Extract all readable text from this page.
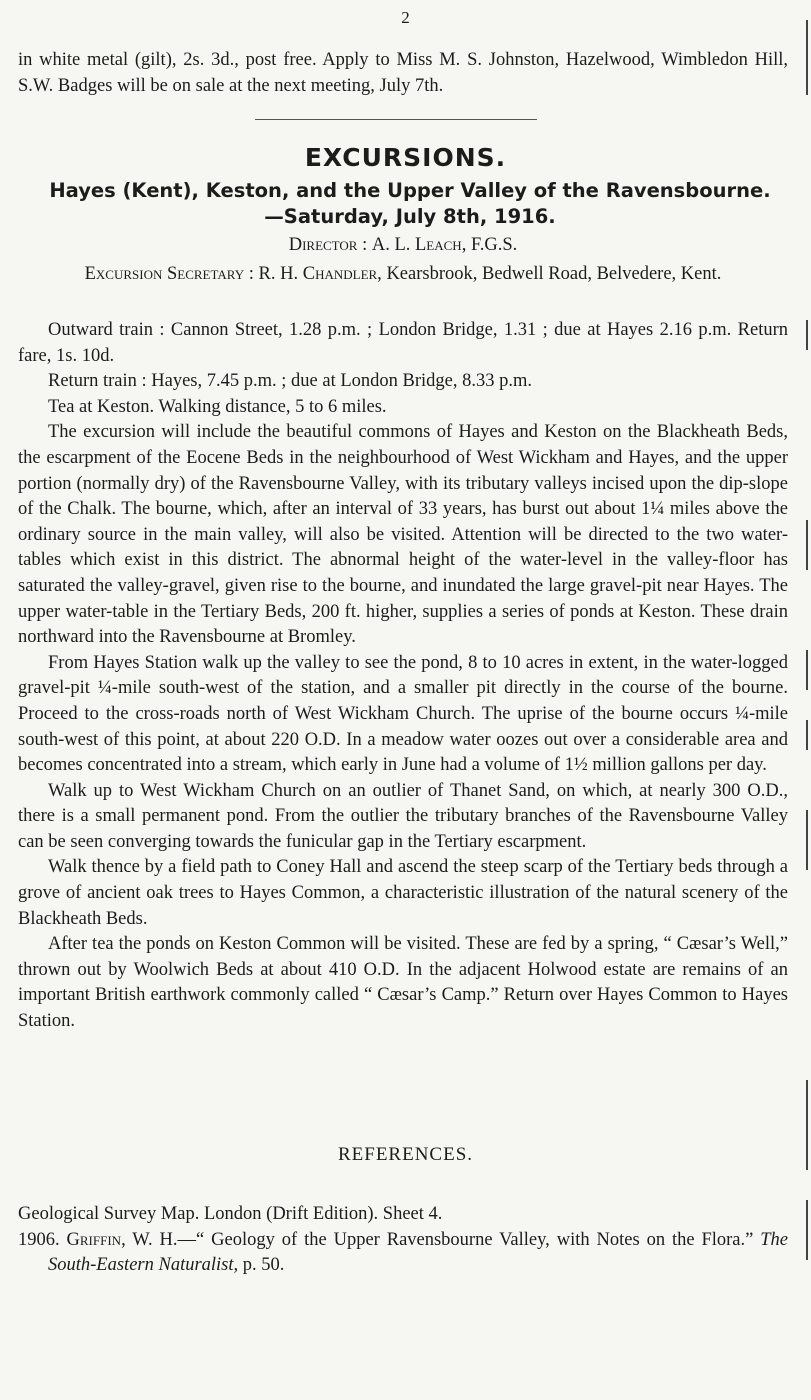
2

in white metal (gilt), 2s. 3d., post free. Apply to Miss M. S. Johnston, Hazelwood, Wimbledon Hill, S.W. Badges will be on sale at the next meeting, July 7th.

EXCURSIONS.
Hayes (Kent), Keston, and the Upper Valley of the Ravensbourne.—Saturday, July 8th, 1916.
Director : A. L. Leach, F.G.S.
Excursion Secretary : R. H. Chandler, Kearsbrook, Bedwell Road, Belvedere, Kent.

Outward train : Cannon Street, 1.28 p.m. ; London Bridge, 1.31 ; due at Hayes 2.16 p.m. Return fare, 1s. 10d.

Return train : Hayes, 7.45 p.m. ; due at London Bridge, 8.33 p.m.

Tea at Keston. Walking distance, 5 to 6 miles.

The excursion will include the beautiful commons of Hayes and Keston on the Blackheath Beds, the escarpment of the Eocene Beds in the neighbourhood of West Wickham and Hayes, and the upper portion (normally dry) of the Ravensbourne Valley, with its tributary valleys incised upon the dip-slope of the Chalk. The bourne, which, after an interval of 33 years, has burst out about 1¼ miles above the ordinary source in the main valley, will also be visited. Attention will be directed to the two water-tables which exist in this district. The abnormal height of the water-level in the valley-floor has saturated the valley-gravel, given rise to the bourne, and inundated the large gravel-pit near Hayes. The upper water-table in the Tertiary Beds, 200 ft. higher, supplies a series of ponds at Keston. These drain northward into the Ravensbourne at Bromley.

From Hayes Station walk up the valley to see the pond, 8 to 10 acres in extent, in the water-logged gravel-pit ¼-mile south-west of the station, and a smaller pit directly in the course of the bourne. Proceed to the cross-roads north of West Wickham Church. The uprise of the bourne occurs ¼-mile south-west of this point, at about 220 O.D. In a meadow water oozes out over a considerable area and becomes concentrated into a stream, which early in June had a volume of 1½ million gallons per day.

Walk up to West Wickham Church on an outlier of Thanet Sand, on which, at nearly 300 O.D., there is a small permanent pond. From the outlier the tributary branches of the Ravensbourne Valley can be seen converging towards the funicular gap in the Tertiary escarpment.

Walk thence by a field path to Coney Hall and ascend the steep scarp of the Tertiary beds through a grove of ancient oak trees to Hayes Common, a characteristic illustration of the natural scenery of the Blackheath Beds.

After tea the ponds on Keston Common will be visited. These are fed by a spring, “ Cæsar’s Well,” thrown out by Woolwich Beds at about 410 O.D. In the adjacent Holwood estate are remains of an important British earthwork commonly called “ Cæsar’s Camp.” Return over Hayes Common to Hayes Station.

REFERENCES.

Geological Survey Map. London (Drift Edition). Sheet 4.

1906. Griffin, W. H.—“ Geology of the Upper Ravensbourne Valley, with Notes on the Flora.” The South-Eastern Naturalist, p. 50.
